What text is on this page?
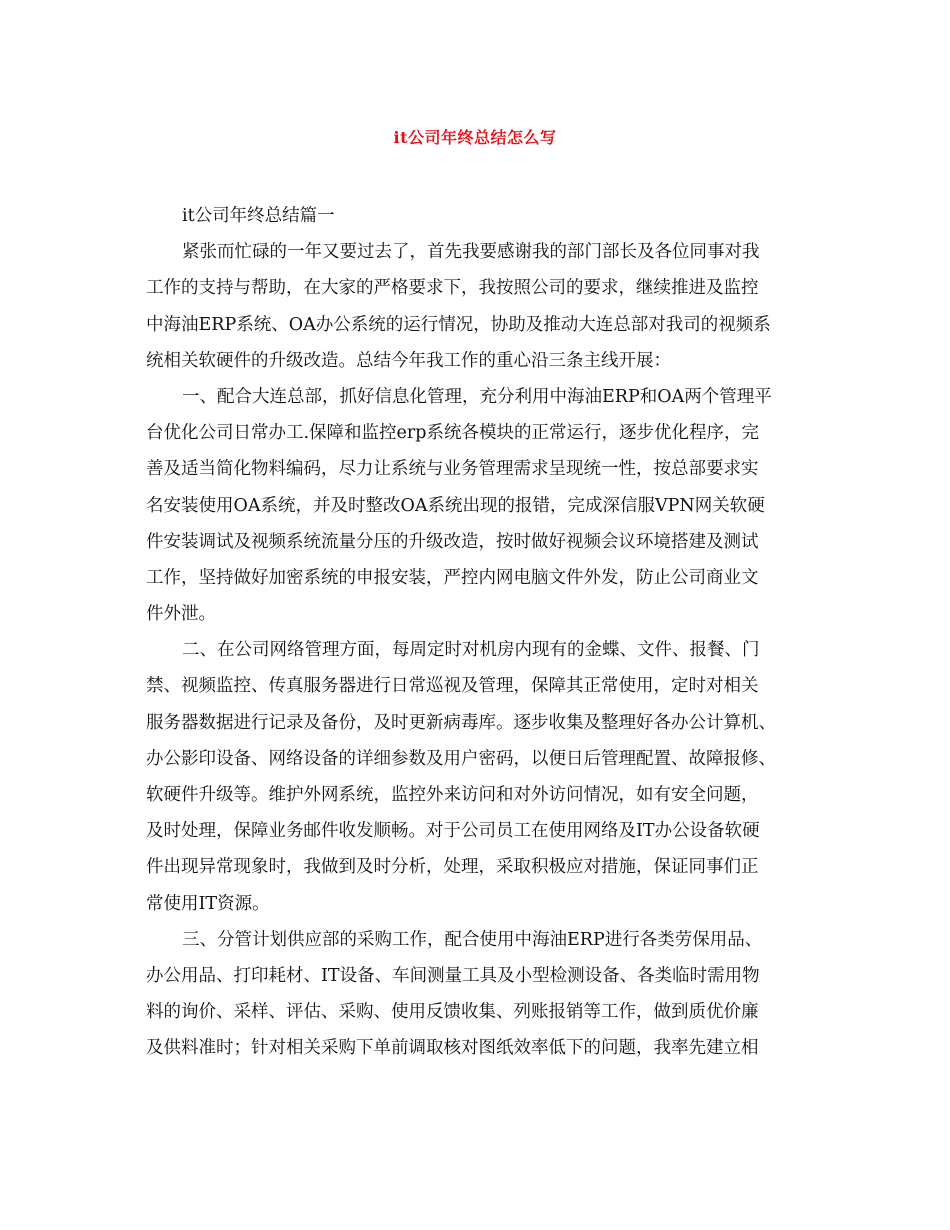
it公司年终总结怎么写
it公司年终总结篇一
紧张而忙碌的一年又要过去了，首先我要感谢我的部门部长及各位同事对我
工作的支持与帮助，在大家的严格要求下，我按照公司的要求，继续推进及监控
中海油ERP系统、OA办公系统的运行情况，协助及推动大连总部对我司的视频系
统相关软硬件的升级改造。总结今年我工作的重心沿三条主线开展：
一、配合大连总部，抓好信息化管理，充分利用中海油ERP和OA两个管理平
台优化公司日常办工.保障和监控erp系统各模块的正常运行，逐步优化程序，完
善及适当简化物料编码，尽力让系统与业务管理需求呈现统一性，按总部要求实
名安装使用OA系统，并及时整改OA系统出现的报错，完成深信服VPN网关软硬
件安装调试及视频系统流量分压的升级改造，按时做好视频会议环境搭建及测试
工作，坚持做好加密系统的申报安装，严控内网电脑文件外发，防止公司商业文
件外泄。
二、在公司网络管理方面，每周定时对机房内现有的金蝶、文件、报餐、门
禁、视频监控、传真服务器进行日常巡视及管理，保障其正常使用，定时对相关
服务器数据进行记录及备份，及时更新病毒库。逐步收集及整理好各办公计算机、
办公影印设备、网络设备的详细参数及用户密码，以便日后管理配置、故障报修、
软硬件升级等。维护外网系统，监控外来访问和对外访问情况，如有安全问题，
及时处理，保障业务邮件收发顺畅。对于公司员工在使用网络及IT办公设备软硬
件出现异常现象时，我做到及时分析，处理，采取积极应对措施，保证同事们正
常使用IT资源。
三、分管计划供应部的采购工作，配合使用中海油ERP进行各类劳保用品、
办公用品、打印耗材、IT设备、车间测量工具及小型检测设备、各类临时需用物
料的询价、采样、评估、采购、使用反馈收集、列账报销等工作，做到质优价廉
及供料准时；针对相关采购下单前调取核对图纸效率低下的问题，我率先建立相
